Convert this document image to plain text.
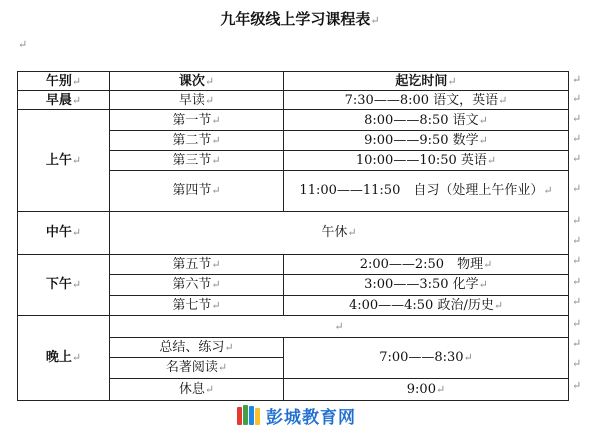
九年级线上学习课程表↵
↵
午别↵	课次↵	起讫时间↵
早晨↵	早读↵	7:30——8:00 语文，英语↵
上午↵	第一节↵	8:00——8:50 语文↵
	第二节↵	9:00——9:50 数学↵
	第三节↵	10:00——10:50 英语↵
	第四节↵	11:00——11:50　自习（处理上午作业）↵
中午↵	午休↵	
下午↵	第五节↵	2:00——2:50　物理↵
	第六节↵	3:00——3:50 化学↵
	第七节↵	4:00——4:50 政治/历史↵
晚上↵	↵	
	总结、练习↵	7:00——8:30↵
	名著阅读↵	
	休息↵	9:00↵
↵
↵
↵
↵
↵
↵
↵
↵
↵
↵
↵
↵
↵
↵
↵
彭城教育网
